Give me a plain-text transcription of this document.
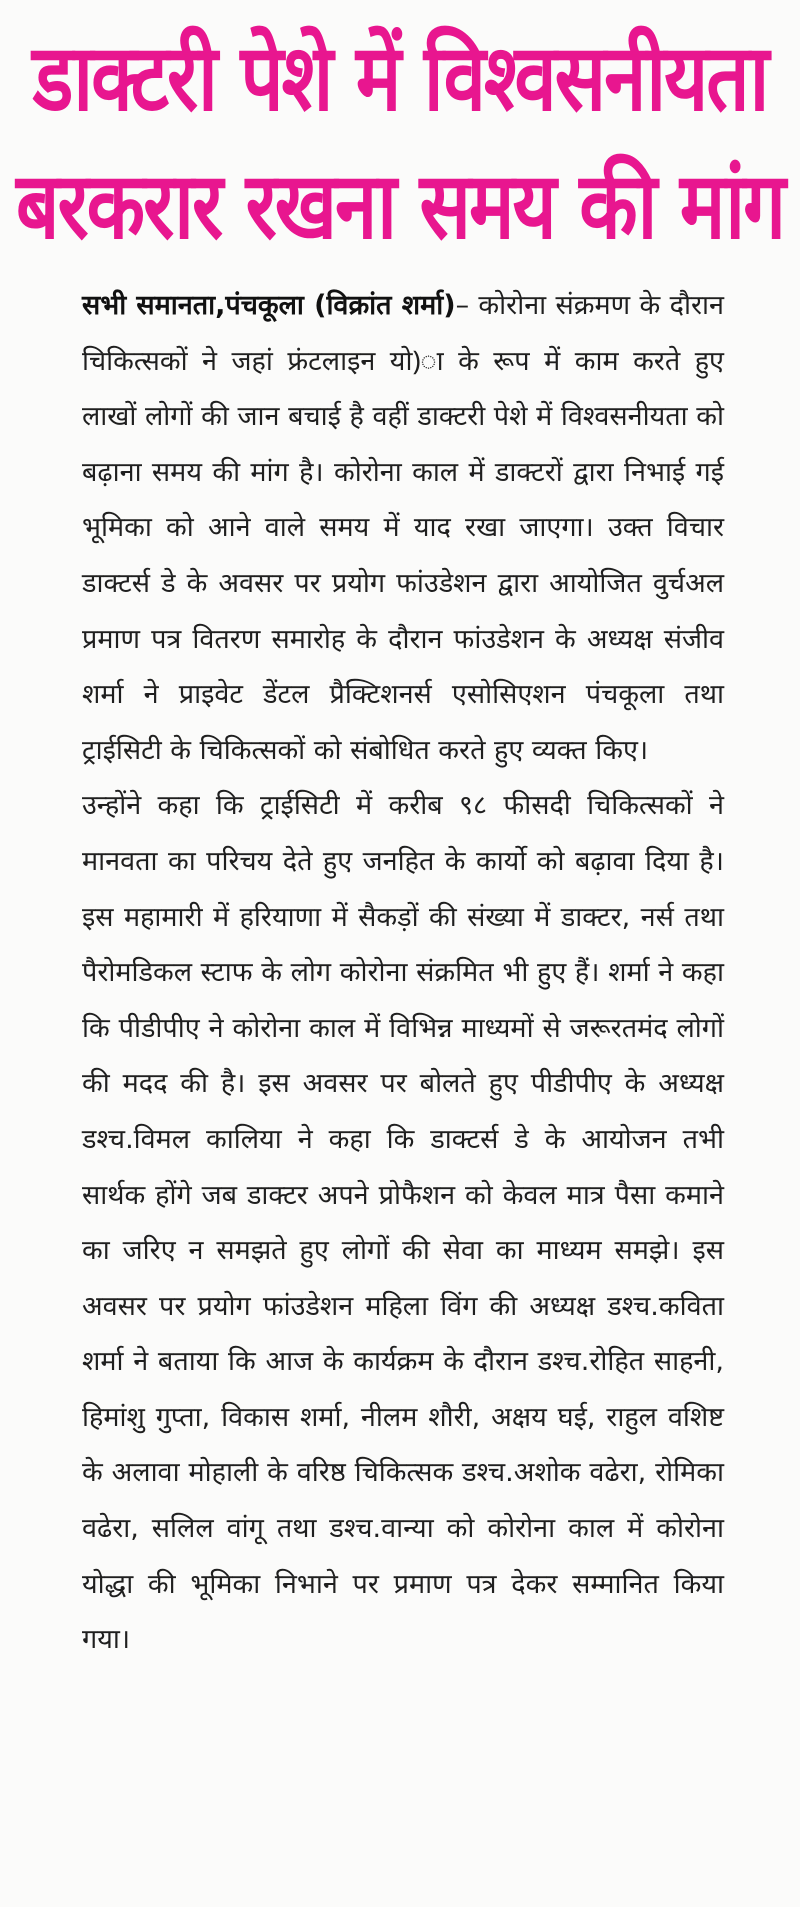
डाक्टरी पेशे में विश्वसनीयता
बरकरार रखना समय की मांग

सभी समानता,पंचकूला (विक्रांत शर्मा)– कोरोना संक्रमण के दौरान चिकित्सकों ने जहां फ्रंटलाइन यो)ा के रूप में काम करते हुए लाखों लोगों की जान बचाई है वहीं डाक्टरी पेशे में विश्वसनीयता को बढ़ाना समय की मांग है। कोरोना काल में डाक्टरों द्वारा निभाई गई भूमिका को आने वाले समय में याद रखा जाएगा। उक्त विचार डाक्टर्स डे के अवसर पर प्रयोग फांउडेशन द्वारा आयोजित वुर्चअल प्रमाण पत्र वितरण समारोह के दौरान फांउडेशन के अध्यक्ष संजीव शर्मा ने प्राइवेट डेंटल प्रैक्टिशनर्स एसोसिएशन पंचकूला तथा ट्राईसिटी के चिकित्सकों को संबोधित करते हुए व्यक्त किए।

उन्होंने कहा कि ट्राईसिटी में करीब ९८ फीसदी चिकित्सकों ने मानवता का परिचय देते हुए जनहित के कार्यो को बढ़ावा दिया है। इस महामारी में हरियाणा में सैकड़ों की संख्या में डाक्टर, नर्स तथा पैरोमडिकल स्टाफ के लोग कोरोना संक्रमित भी हुए हैं। शर्मा ने कहा कि पीडीपीए ने कोरोना काल में विभिन्न माध्यमों से जरूरतमंद लोगों की मदद की है। इस अवसर पर बोलते हुए पीडीपीए के अध्यक्ष डश्च.विमल कालिया ने कहा कि डाक्टर्स डे के आयोजन तभी सार्थक होंगे जब डाक्टर अपने प्रोफैशन को केवल मात्र पैसा कमाने का जरिए न समझते हुए लोगों की सेवा का माध्यम समझे। इस अवसर पर प्रयोग फांउडेशन महिला विंग की अध्यक्ष डश्च.कविता शर्मा ने बताया कि आज के कार्यक्रम के दौरान डश्च.रोहित साहनी, हिमांशु गुप्ता, विकास शर्मा, नीलम शौरी, अक्षय घई, राहुल वशिष्ट के अलावा मोहाली के वरिष्ठ चिकित्सक डश्च.अशोक वढेरा, रोमिका वढेरा, सलिल वांगू तथा डश्च.वान्या को कोरोना काल में कोरोना योद्धा की भूमिका निभाने पर प्रमाण पत्र देकर सम्मानित किया गया।
